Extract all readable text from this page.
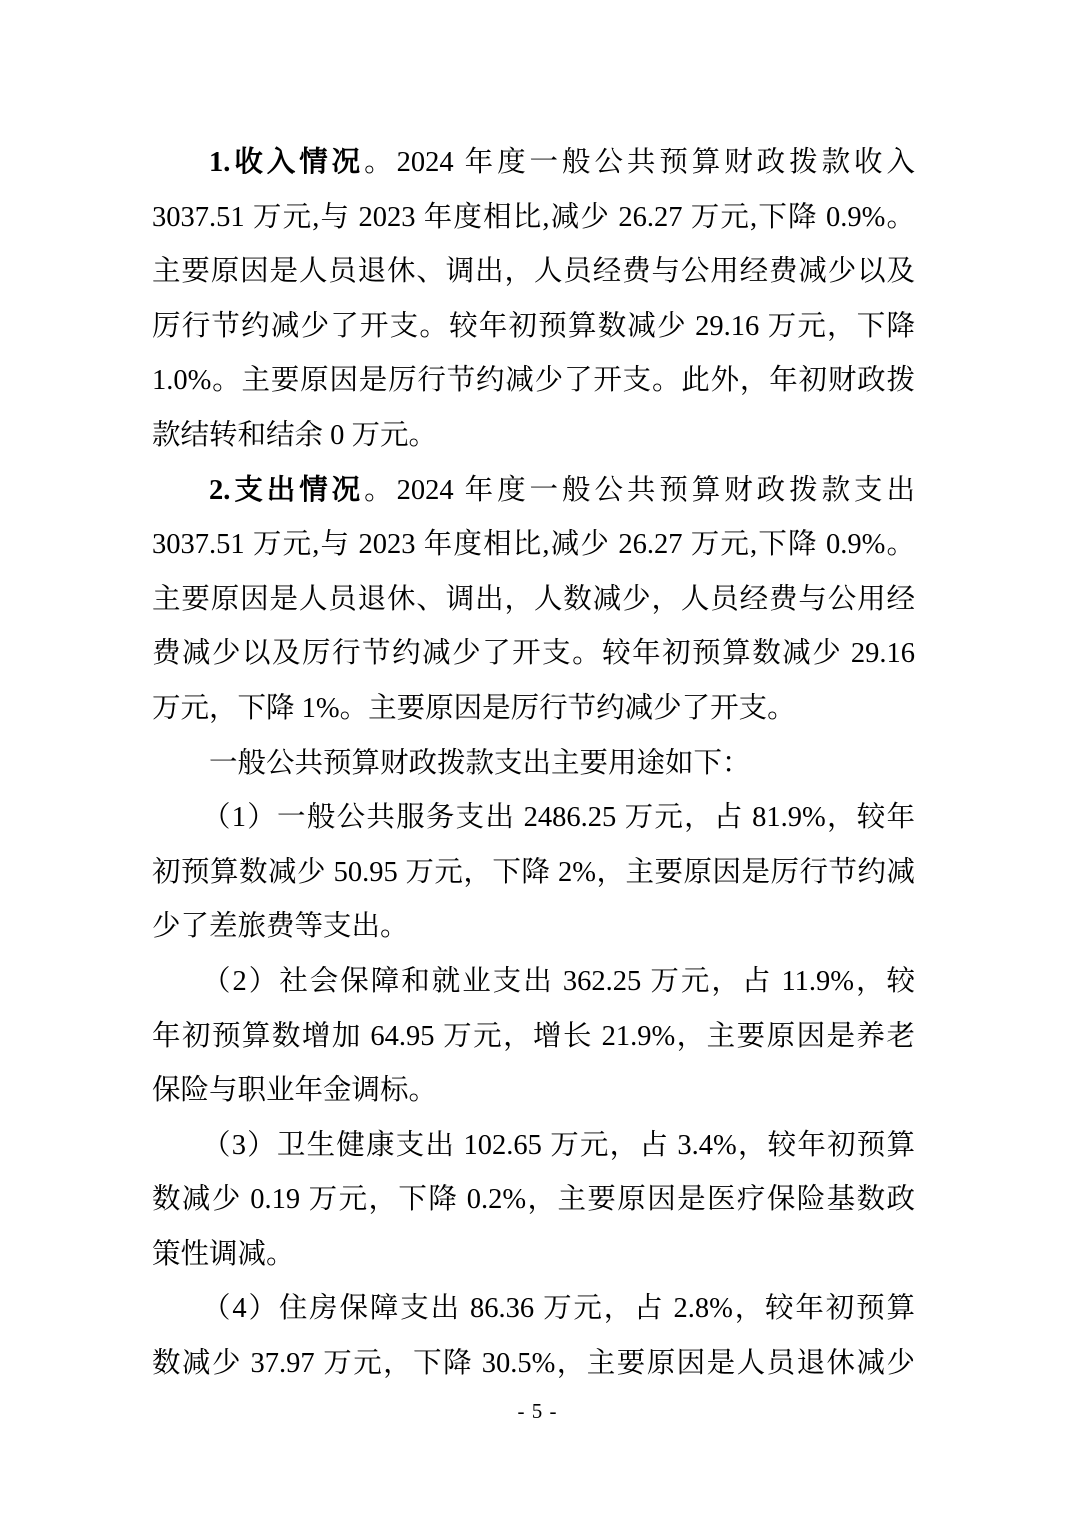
1.收入情况。2024 年度一般公共预算财政拨款收入
3037.51 万元,与 2023 年度相比,减少 26.27 万元,下降 0.9%。
主要原因是人员退休、调出，人员经费与公用经费减少以及
厉行节约减少了开支。较年初预算数减少 29.16 万元，下降
1.0%。主要原因是厉行节约减少了开支。此外，年初财政拨
款结转和结余 0 万元。
2.支出情况。2024 年度一般公共预算财政拨款支出
3037.51 万元,与 2023 年度相比,减少 26.27 万元,下降 0.9%。
主要原因是人员退休、调出，人数减少，人员经费与公用经
费减少以及厉行节约减少了开支。较年初预算数减少 29.16
万元，下降 1%。主要原因是厉行节约减少了开支。
一般公共预算财政拨款支出主要用途如下：
（1）一般公共服务支出 2486.25 万元，占 81.9%，较年
初预算数减少 50.95 万元，下降 2%，主要原因是厉行节约减
少了差旅费等支出。
（2）社会保障和就业支出 362.25 万元，占 11.9%，较
年初预算数增加 64.95 万元，增长 21.9%，主要原因是养老
保险与职业年金调标。
（3）卫生健康支出 102.65 万元，占 3.4%，较年初预算
数减少 0.19 万元，下降 0.2%，主要原因是医疗保险基数政
策性调减。
（4）住房保障支出 86.36 万元，占 2.8%，较年初预算
数减少 37.97 万元，下降 30.5%，主要原因是人员退休减少
- 5 -
